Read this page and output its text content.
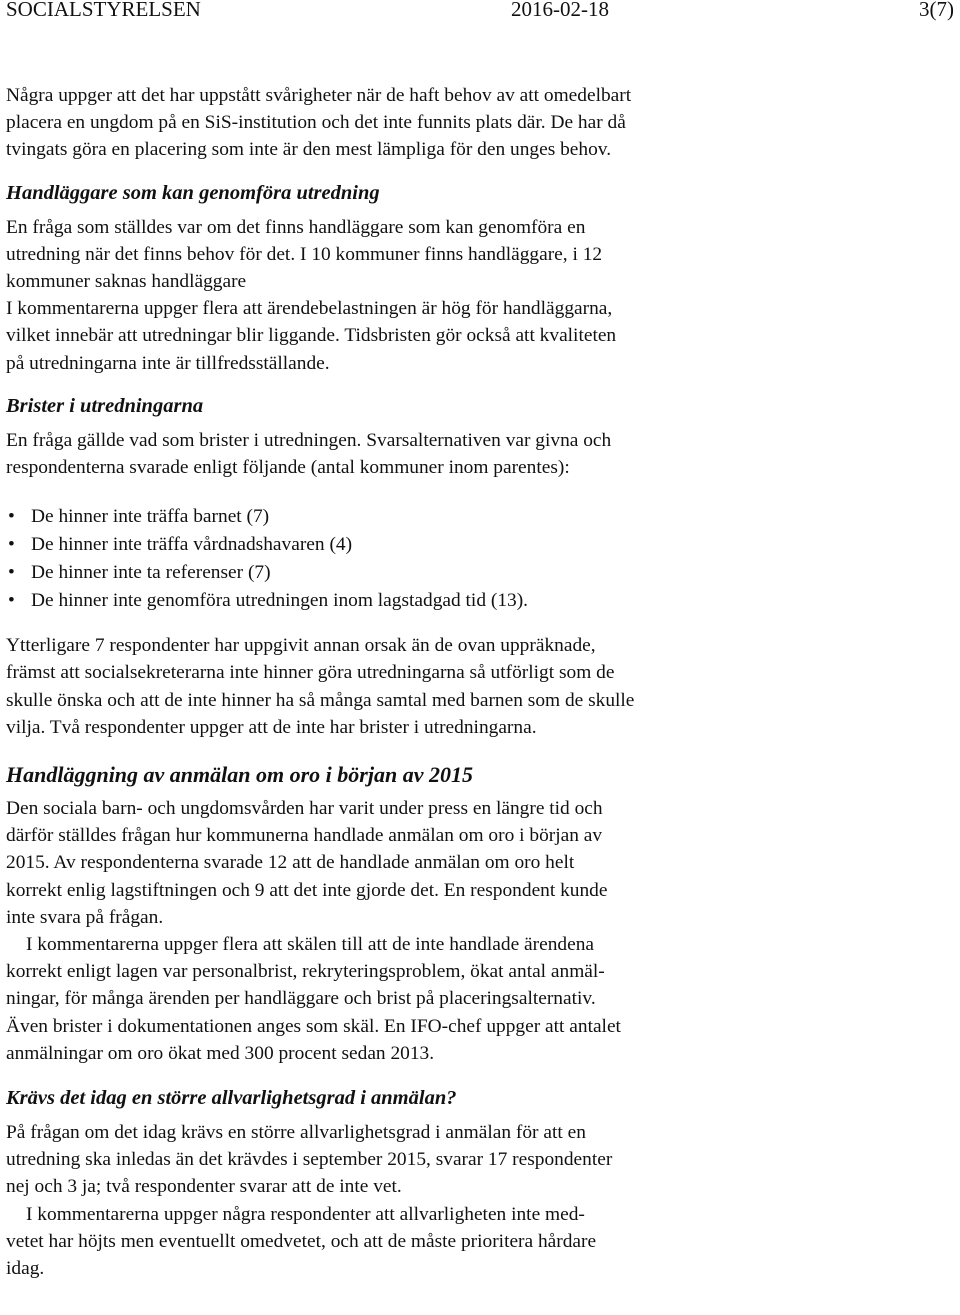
SOCIALSTYRELSEN	2016-02-18	3(7)

Några uppger att det har uppstått svårigheter när de haft behov av att omedelbart
placera en ungdom på en SiS-institution och det inte funnits plats där. De har då
tvingats göra en placering som inte är den mest lämpliga för den unges behov.

Handläggare som kan genomföra utredning

En fråga som ställdes var om det finns handläggare som kan genomföra en
utredning när det finns behov för det. I 10 kommuner finns handläggare, i 12
kommuner saknas handläggare
I kommentarerna uppger flera att ärendebelastningen är hög för handläggarna,
vilket innebär att utredningar blir liggande. Tidsbristen gör också att kvaliteten
på utredningarna inte är tillfredsställande.

Brister i utredningarna

En fråga gällde vad som brister i utredningen. Svarsalternativen var givna och
respondenterna svarade enligt följande (antal kommuner inom parentes):

• De hinner inte träffa barnet (7)
• De hinner inte träffa vårdnadshavaren (4)
• De hinner inte ta referenser (7)
• De hinner inte genomföra utredningen inom lagstadgad tid (13).

Ytterligare 7 respondenter har uppgivit annan orsak än de ovan uppräknade,
främst att socialsekreterarna inte hinner göra utredningarna så utförligt som de
skulle önska och att de inte hinner ha så många samtal med barnen som de skulle
vilja. Två respondenter uppger att de inte har brister i utredningarna.

Handläggning av anmälan om oro i början av 2015

Den sociala barn- och ungdomsvården har varit under press en längre tid och
därför ställdes frågan hur kommunerna handlade anmälan om oro i början av
2015. Av respondenterna svarade 12 att de handlade anmälan om oro helt
korrekt enlig lagstiftningen och 9 att det inte gjorde det. En respondent kunde
inte svara på frågan.

I kommentarerna uppger flera att skälen till att de inte handlade ärendena
korrekt enligt lagen var personalbrist, rekryteringsproblem, ökat antal anmäl-
ningar, för många ärenden per handläggare och brist på placeringsalternativ.
Även brister i dokumentationen anges som skäl. En IFO-chef uppger att antalet
anmälningar om oro ökat med 300 procent sedan 2013.

Krävs det idag en större allvarlighetsgrad i anmälan?

På frågan om det idag krävs en större allvarlighetsgrad i anmälan för att en
utredning ska inledas än det krävdes i september 2015, svarar 17 respondenter
nej och 3 ja; två respondenter svarar att de inte vet.

I kommentarerna uppger några respondenter att allvarligheten inte med-
vetet har höjts men eventuellt omedvetet, och att de måste prioritera hårdare
idag.
